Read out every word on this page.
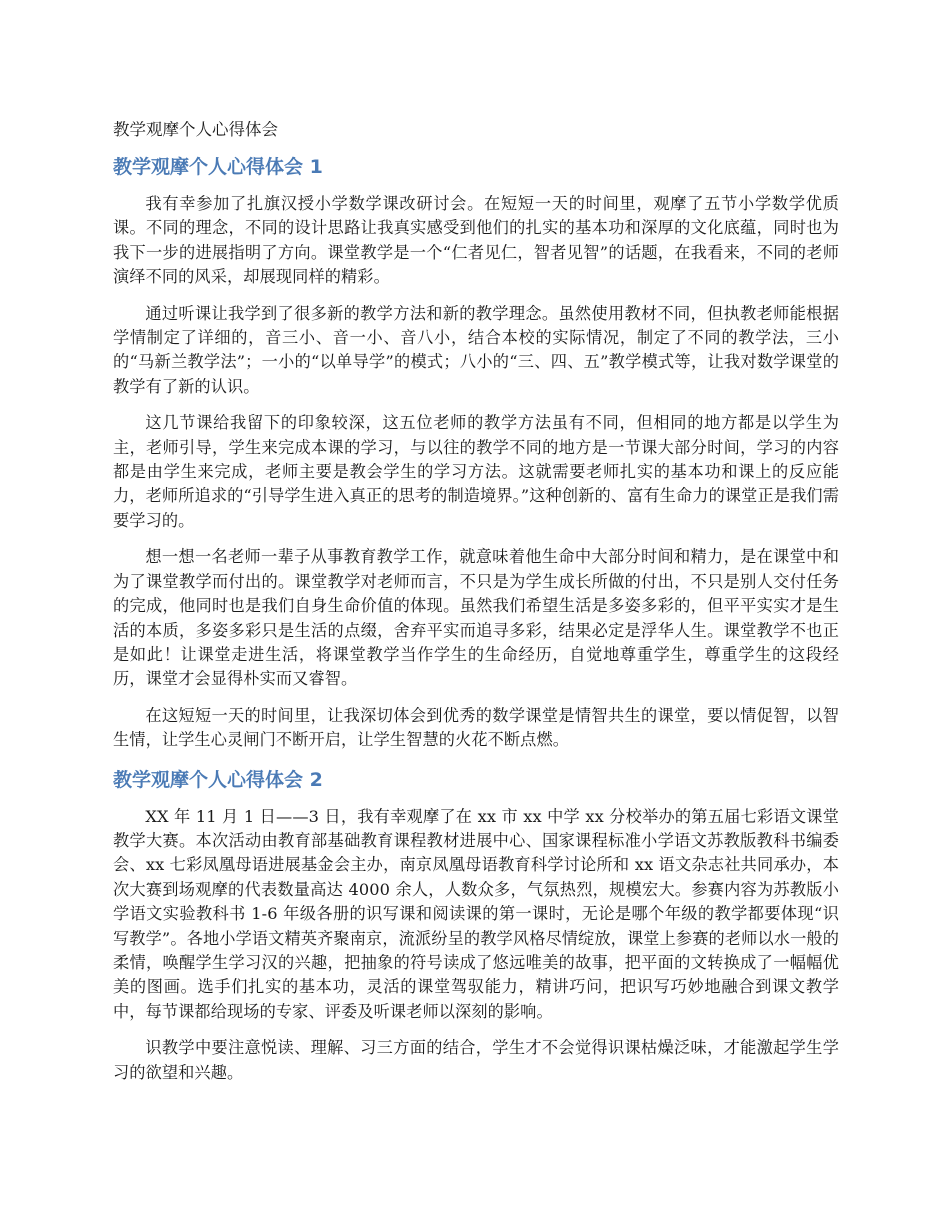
教学观摩个人心得体会
教学观摩个人心得体会 1

我有幸参加了扎旗汉授小学数学课改研讨会。在短短一天的时间里，观摩了五节小学数学优质课。不同的理念，不同的设计思路让我真实感受到他们的扎实的基本功和深厚的文化底蕴，同时也为我下一步的进展指明了方向。课堂教学是一个“仁者见仁，智者见智”的话题，在我看来，不同的老师演绎不同的风采，却展现同样的精彩。

通过听课让我学到了很多新的教学方法和新的教学理念。虽然使用教材不同，但执教老师能根据学情制定了详细的，音三小、音一小、音八小，结合本校的实际情况，制定了不同的教学法，三小的“马新兰教学法”；一小的“以单导学”的模式；八小的“三、四、五”教学模式等，让我对数学课堂的教学有了新的认识。

这几节课给我留下的印象较深，这五位老师的教学方法虽有不同，但相同的地方都是以学生为主，老师引导，学生来完成本课的学习，与以往的教学不同的地方是一节课大部分时间，学习的内容都是由学生来完成，老师主要是教会学生的学习方法。这就需要老师扎实的基本功和课上的反应能力，老师所追求的“引导学生进入真正的思考的制造境界。”这种创新的、富有生命力的课堂正是我们需要学习的。

想一想一名老师一辈子从事教育教学工作，就意味着他生命中大部分时间和精力，是在课堂中和为了课堂教学而付出的。课堂教学对老师而言，不只是为学生成长所做的付出，不只是别人交付任务的完成，他同时也是我们自身生命价值的体现。虽然我们希望生活是多姿多彩的，但平平实实才是生活的本质，多姿多彩只是生活的点缀，舍弃平实而追寻多彩，结果必定是浮华人生。课堂教学不也正是如此！让课堂走进生活，将课堂教学当作学生的生命经历，自觉地尊重学生，尊重学生的这段经历，课堂才会显得朴实而又睿智。

在这短短一天的时间里，让我深切体会到优秀的数学课堂是情智共生的课堂，要以情促智，以智生情，让学生心灵闸门不断开启，让学生智慧的火花不断点燃。

教学观摩个人心得体会 2

XX 年 11 月 1 日——3 日，我有幸观摩了在 xx 市 xx 中学 xx 分校举办的第五届七彩语文课堂教学大赛。本次活动由教育部基础教育课程教材进展中心、国家课程标准小学语文苏教版教科书编委会、xx 七彩凤凰母语进展基金会主办，南京凤凰母语教育科学讨论所和 xx 语文杂志社共同承办，本次大赛到场观摩的代表数量高达 4000 余人，人数众多，气氛热烈，规模宏大。参赛内容为苏教版小学语文实验教科书 1-6 年级各册的识写课和阅读课的第一课时，无论是哪个年级的教学都要体现“识写教学”。各地小学语文精英齐聚南京，流派纷呈的教学风格尽情绽放，课堂上参赛的老师以水一般的柔情，唤醒学生学习汉的兴趣，把抽象的符号读成了悠远唯美的故事，把平面的文转换成了一幅幅优美的图画。选手们扎实的基本功，灵活的课堂驾驭能力，精讲巧问，把识写巧妙地融合到课文教学中，每节课都给现场的专家、评委及听课老师以深刻的影响。

识教学中要注意悦读、理解、习三方面的结合，学生才不会觉得识课枯燥泛味，才能激起学生学习的欲望和兴趣。
